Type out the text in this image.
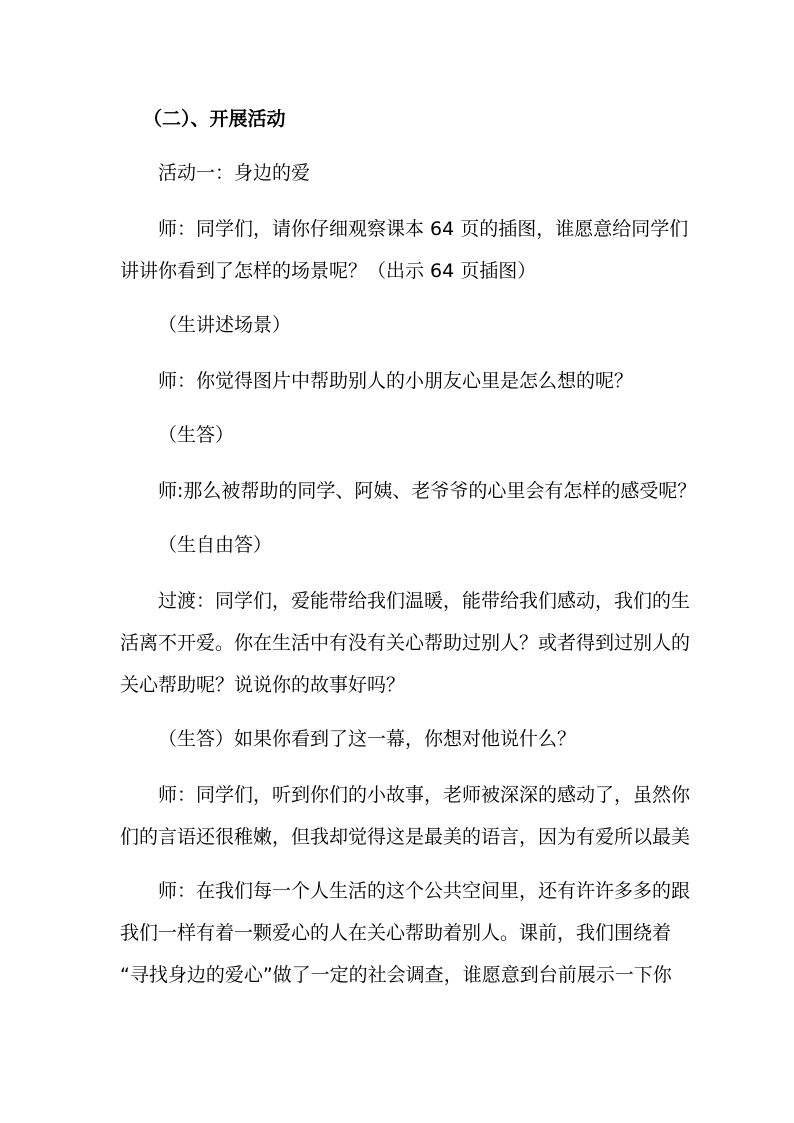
（二）、开展活动
活动一：身边的爱
师：同学们，请你仔细观察课本 64 页的插图，谁愿意给同学们
讲讲你看到了怎样的场景呢？（出示 64 页插图）
（生讲述场景）
师：你觉得图片中帮助别人的小朋友心里是怎么想的呢？
（生答）
师:那么被帮助的同学、阿姨、老爷爷的心里会有怎样的感受呢？
（生自由答）
过渡：同学们，爱能带给我们温暖，能带给我们感动，我们的生
活离不开爱。你在生活中有没有关心帮助过别人？或者得到过别人的
关心帮助呢？说说你的故事好吗？
（生答）如果你看到了这一幕，你想对他说什么？
师：同学们，听到你们的小故事，老师被深深的感动了，虽然你
们的言语还很稚嫩，但我却觉得这是最美的语言，因为有爱所以最美
师：在我们每一个人生活的这个公共空间里，还有许许多多的跟
我们一样有着一颗爱心的人在关心帮助着别人。课前，我们围绕着
“寻找身边的爱心”做了一定的社会调查，谁愿意到台前展示一下你
